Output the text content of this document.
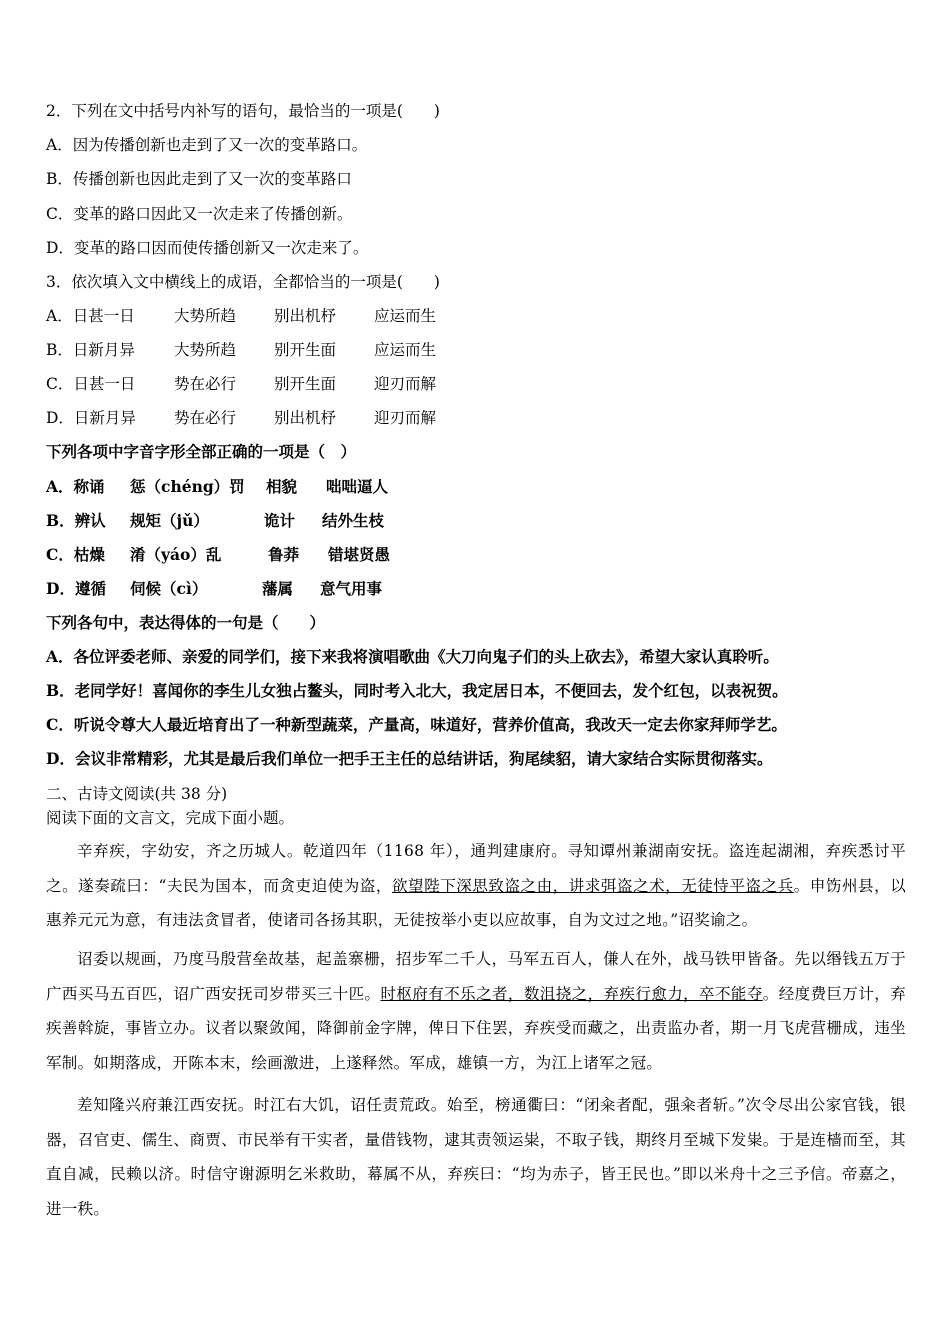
2．下列在文中括号内补写的语句，最恰当的一项是(　　)
A．因为传播创新也走到了又一次的变革路口。
B．传播创新也因此走到了又一次的变革路口
C．变革的路口因此又一次走来了传播创新。
D．变革的路口因而使传播创新又一次走来了。
3．依次填入文中横线上的成语，全都恰当的一项是(　　)
A．日甚一日	大势所趋 别出机杼 应运而生
B．日新月异	大势所趋 别开生面 应运而生
C．日甚一日 势在必行 别开生面 迎刃而解
D．日新月异 势在必行 别出机杼 迎刃而解
下列各项中字音字形全部正确的一项是（　）
A．称诵 惩（chéng）罚 相貌 咄咄逼人
B．辨认 规矩（jǔ）	诡计 结外生枝
C．枯燥 淆（yáo）乱	鲁莽 错堪贤愚
D．遵循 伺候（cì）	藩属 意气用事
下列各句中，表达得体的一句是（　　）
A．各位评委老师、亲爱的同学们，接下来我将演唱歌曲《大刀向鬼子们的头上砍去》，希望大家认真聆听。
B．老同学好！喜闻你的李生儿女独占鳌头，同时考入北大，我定居日本，不便回去，发个红包，以表祝贺。
C．听说令尊大人最近培育出了一种新型蔬菜，产量高，味道好，营养价值高，我改天一定去你家拜师学艺。
D．会议非常精彩，尤其是最后我们单位一把手王主任的总结讲话，狗尾续貂，请大家结合实际贯彻落实。
二、古诗文阅读(共 38 分)
阅读下面的文言文，完成下面小题。
辛弃疾，字幼安，齐之历城人。乾道四年（1168 年），通判建康府。寻知谭州兼湖南安抚。盗连起湖湘，弃疾悉讨平之。遂奏疏曰：“夫民为国本，而贪吏迫使为盗，欲望陛下深思致盗之由，讲求弭盗之术，无徒恃平盗之兵。申饬州县，以惠养元元为意，有违法贪冒者，使诸司各扬其职，无徒按举小吏以应故事，自为文过之地。”诏奖谕之。
诏委以规画，乃度马殷营垒故基，起盖寨栅，招步军二千人，马军五百人，傔人在外，战马铁甲皆备。先以缗钱五万于广西买马五百匹，诏广西安抚司岁带买三十匹。时枢府有不乐之者，数沮挠之，弃疾行愈力，卒不能夺。经度费巨万计，弃疾善斡旋，事皆立办。议者以聚敛闻，降御前金字牌，俾日下住罢，弃疾受而藏之，出责监办者，期一月飞虎营栅成，违坐军制。如期落成，开陈本末，绘画激进，上遂释然。军成，雄镇一方，为江上诸军之冠。
差知隆兴府兼江西安抚。时江右大饥，诏任责荒政。始至，榜通衢曰：“闭籴者配，强籴者斩。”次令尽出公家官钱，银器，召官吏、儒生、商贾、市民举有干实者，量借钱物，逮其责领运粜，不取子钱，期终月至城下发粜。于是连樯而至，其直自减，民赖以济。时信守谢源明乞米救助，幕属不从，弃疾曰：“均为赤子，皆王民也。”即以米舟十之三予信。帝嘉之，进一秩。
